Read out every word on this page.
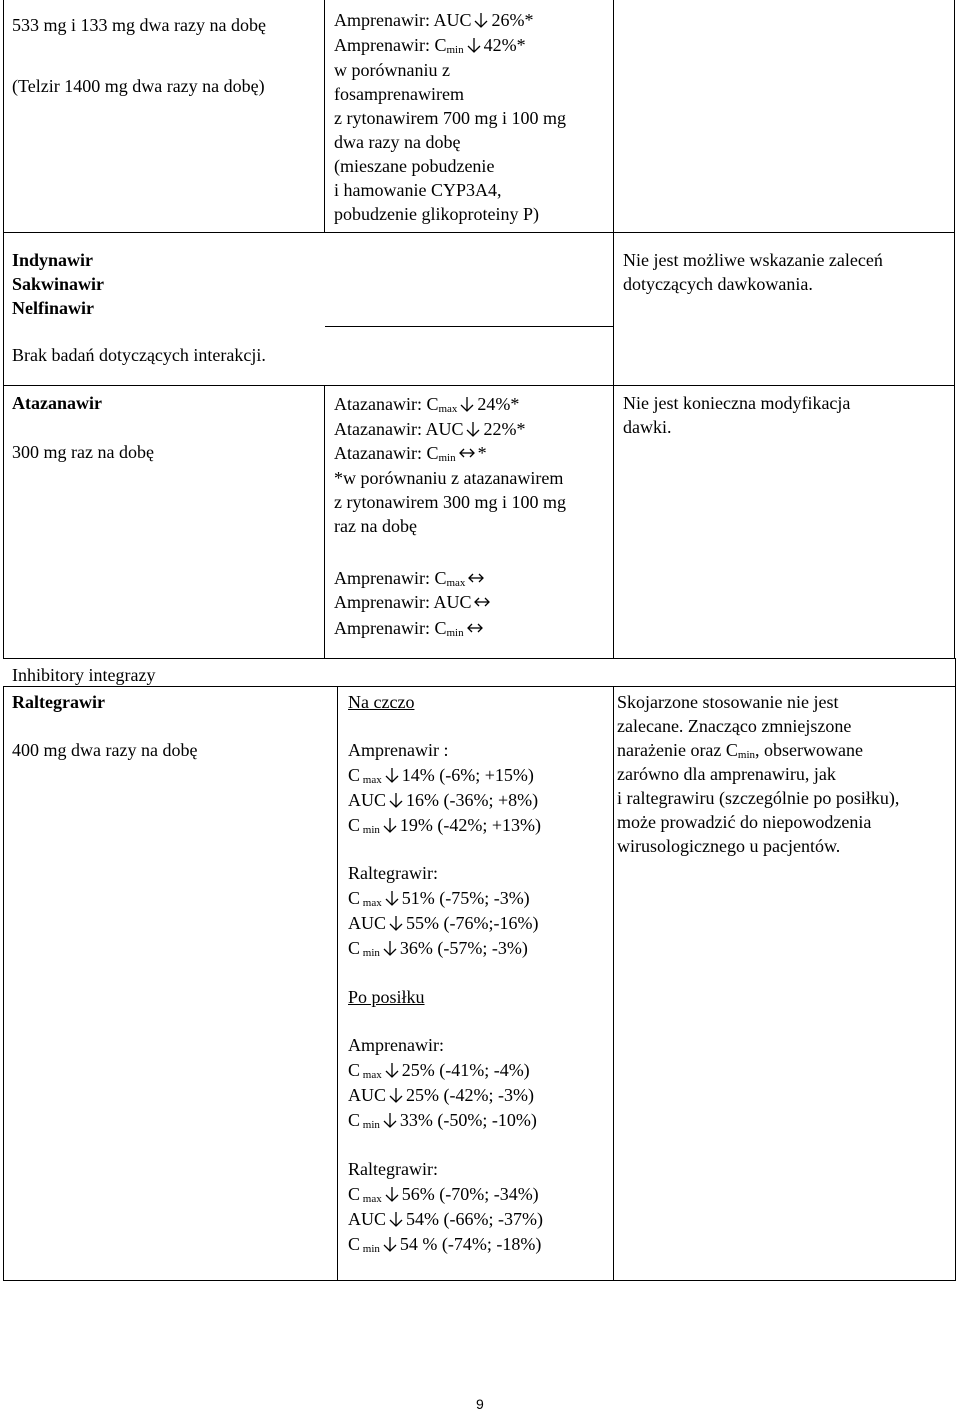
533 mg i 133 mg dwa razy na dobę
(Telzir 1400 mg dwa razy na dobę)
Amprenawir: AUC 26%*
Amprenawir: $C_{min}$ 42%*
w porównaniu z
fosamprenawirem
z rytonawirem 700 mg i 100 mg
dwa razy na dobę
(mieszane pobudzenie
i hamowanie CYP3A4,
pobudzenie glikoproteiny P)
Indynawir
Sakwinawir
Nelfinawir
Brak badań dotyczących interakcji.
Nie jest możliwe wskazanie zaleceń
dotyczących dawkowania.
Atazanawir
300 mg raz na dobę
Atazanawir: $C_{max}$ 24%*
Atazanawir: AUC 22%*
Atazanawir: $C_{min}$ *
*w porównaniu z atazanawirem
z rytonawirem 300 mg i 100 mg
raz na dobę
Amprenawir: $C_{max}$
Amprenawir: AUC
Amprenawir: $C_{min}$
Nie jest konieczna modyfikacja
dawki.
Inhibitory integrazy
Raltegrawir
400 mg dwa razy na dobę
Na czczo
Amprenawir :
C $_{max}$ 14% (-6%; +15%)
AUC 16% (-36%; +8%)
C $_{min}$ 19% (-42%; +13%)
Raltegrawir:
C $_{max}$ 51% (-75%; -3%)
AUC 55% (-76%;-16%)
C $_{min}$ 36% (-57%; -3%)
Po posiłku
Amprenawir:
C $_{max}$ 25% (-41%; -4%)
AUC 25% (-42%; -3%)
C $_{min}$ 33% (-50%; -10%)
Raltegrawir:
C $_{max}$ 56% (-70%; -34%)
AUC 54% (-66%; -37%)
C $_{min}$ 54 % (-74%; -18%)
Skojarzone stosowanie nie jest
zalecane. Znacząco zmniejszone
narażenie oraz $C_{min}$, obserwowane
zarówno dla amprenawiru, jak
i raltegrawiru (szczególnie po posiłku),
może prowadzić do niepowodzenia
wirusologicznego u pacjentów.
9
